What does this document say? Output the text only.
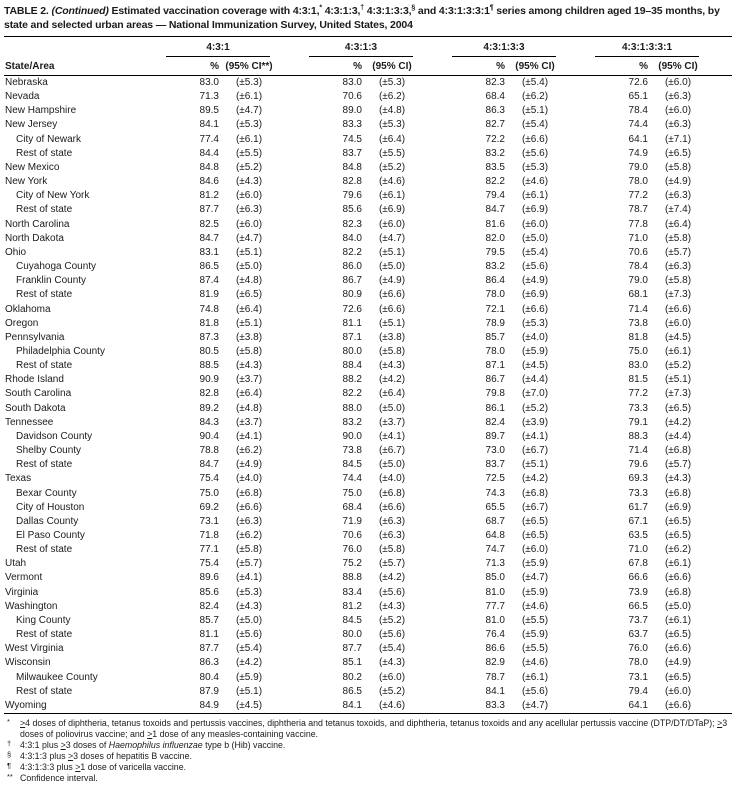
TABLE 2. (Continued) Estimated vaccination coverage with 4:3:1,* 4:3:1:3,† 4:3:1:3:3,§ and 4:3:1:3:3:1¶ series among children aged 19–35 months, by state and selected urban areas — National Immunization Survey, United States, 2004
4:3:1	4:3:1:3	4:3:1:3:3	4:3:1:3:3:1
State/Area	% (95% CI**)	%	(95% CI)	%	(95% CI)	%	(95% CI)
Nebraska	83.0	(±5.3)	83.0	(±5.3)	82.3	(±5.4)	72.6	(±6.0)
Nevada	71.3	(±6.1)	70.6	(±6.2)	68.4	(±6.2)	65.1	(±6.3)
New Hampshire	89.5	(±4.7)	89.0	(±4.8)	86.3	(±5.1)	78.4	(±6.0)
New Jersey	84.1	(±5.3)	83.3	(±5.3)	82.7	(±5.4)	74.4	(±6.3)
City of Newark	77.4	(±6.1)	74.5	(±6.4)	72.2	(±6.6)	64.1	(±7.1)
Rest of state	84.4	(±5.5)	83.7	(±5.5)	83.2	(±5.6)	74.9	(±6.5)
New Mexico	84.8	(±5.2)	84.8	(±5.2)	83.5	(±5.3)	79.0	(±5.8)
New York	84.6	(±4.3)	82.8	(±4.6)	82.2	(±4.6)	78.0	(±4.9)
City of New York	81.2	(±6.0)	79.6	(±6.1)	79.4	(±6.1)	77.2	(±6.3)
Rest of state	87.7	(±6.3)	85.6	(±6.9)	84.7	(±6.9)	78.7	(±7.4)
North Carolina	82.5	(±6.0)	82.3	(±6.0)	81.6	(±6.0)	77.8	(±6.4)
North Dakota	84.7	(±4.7)	84.0	(±4.7)	82.0	(±5.0)	71.0	(±5.8)
Ohio	83.1	(±5.1)	82.2	(±5.1)	79.5	(±5.4)	70.6	(±5.7)
Cuyahoga County	86.5	(±5.0)	86.0	(±5.0)	83.2	(±5.6)	78.4	(±6.3)
Franklin County	87.4	(±4.8)	86.7	(±4.9)	86.4	(±4.9)	79.0	(±5.8)
Rest of state	81.9	(±6.5)	80.9	(±6.6)	78.0	(±6.9)	68.1	(±7.3)
Oklahoma	74.8	(±6.4)	72.6	(±6.6)	72.1	(±6.6)	71.4	(±6.6)
Oregon	81.8	(±5.1)	81.1	(±5.1)	78.9	(±5.3)	73.8	(±6.0)
Pennsylvania	87.3	(±3.8)	87.1	(±3.8)	85.7	(±4.0)	81.8	(±4.5)
Philadelphia County	80.5	(±5.8)	80.0	(±5.8)	78.0	(±5.9)	75.0	(±6.1)
Rest of state	88.5	(±4.3)	88.4	(±4.3)	87.1	(±4.5)	83.0	(±5.2)
Rhode Island	90.9	(±3.7)	88.2	(±4.2)	86.7	(±4.4)	81.5	(±5.1)
South Carolina	82.8	(±6.4)	82.2	(±6.4)	79.8	(±7.0)	77.2	(±7.3)
South Dakota	89.2	(±4.8)	88.0	(±5.0)	86.1	(±5.2)	73.3	(±6.5)
Tennessee	84.3	(±3.7)	83.2	(±3.7)	82.4	(±3.9)	79.1	(±4.2)
Davidson County	90.4	(±4.1)	90.0	(±4.1)	89.7	(±4.1)	88.3	(±4.4)
Shelby County	78.8	(±6.2)	73.8	(±6.7)	73.0	(±6.7)	71.4	(±6.8)
Rest of state	84.7	(±4.9)	84.5	(±5.0)	83.7	(±5.1)	79.6	(±5.7)
Texas	75.4	(±4.0)	74.4	(±4.0)	72.5	(±4.2)	69.3	(±4.3)
Bexar County	75.0	(±6.8)	75.0	(±6.8)	74.3	(±6.8)	73.3	(±6.8)
City of Houston	69.2	(±6.6)	68.4	(±6.6)	65.5	(±6.7)	61.7	(±6.9)
Dallas County	73.1	(±6.3)	71.9	(±6.3)	68.7	(±6.5)	67.1	(±6.5)
El Paso County	71.8	(±6.2)	70.6	(±6.3)	64.8	(±6.5)	63.5	(±6.5)
Rest of state	77.1	(±5.8)	76.0	(±5.8)	74.7	(±6.0)	71.0	(±6.2)
Utah	75.4	(±5.7)	75.2	(±5.7)	71.3	(±5.9)	67.8	(±6.1)
Vermont	89.6	(±4.1)	88.8	(±4.2)	85.0	(±4.7)	66.6	(±6.6)
Virginia	85.6	(±5.3)	83.4	(±5.6)	81.0	(±5.9)	73.9	(±6.8)
Washington	82.4	(±4.3)	81.2	(±4.3)	77.7	(±4.6)	66.5	(±5.0)
King County	85.7	(±5.0)	84.5	(±5.2)	81.0	(±5.5)	73.7	(±6.1)
Rest of state	81.1	(±5.6)	80.0	(±5.6)	76.4	(±5.9)	63.7	(±6.5)
West Virginia	87.7	(±5.4)	87.7	(±5.4)	86.6	(±5.5)	76.0	(±6.6)
Wisconsin	86.3	(±4.2)	85.1	(±4.3)	82.9	(±4.6)	78.0	(±4.9)
Milwaukee County	80.4	(±5.9)	80.2	(±6.0)	78.7	(±6.1)	73.1	(±6.5)
Rest of state	87.9	(±5.1)	86.5	(±5.2)	84.1	(±5.6)	79.4	(±6.0)
Wyoming	84.9	(±4.5)	84.1	(±4.6)	83.3	(±4.7)	64.1	(±6.6)
* >4 doses of diphtheria, tetanus toxoids and pertussis vaccines, diphtheria and tetanus toxoids, and diphtheria, tetanus toxoids and any acellular pertussis vaccine (DTP/DT/DTaP); >3 doses of poliovirus vaccine; and >1 dose of any measles-containing vaccine.
† 4:3:1 plus >3 doses of Haemophilus influenzae type b (Hib) vaccine.
§ 4:3:1:3 plus >3 doses of hepatitis B vaccine.
¶ 4:3:1:3:3 plus >1 dose of varicella vaccine.
** Confidence interval.
